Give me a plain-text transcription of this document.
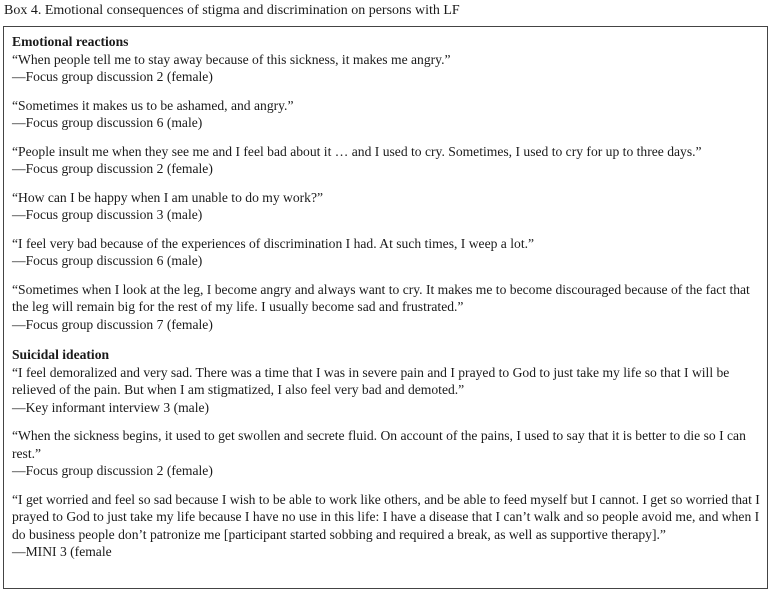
Box 4. Emotional consequences of stigma and discrimination on persons with LF
Emotional reactions
“When people tell me to stay away because of this sickness, it makes me angry.”
—Focus group discussion 2 (female)
“Sometimes it makes us to be ashamed, and angry.”
—Focus group discussion 6 (male)
“People insult me when they see me and I feel bad about it … and I used to cry. Sometimes, I used to cry for up to three days.”
—Focus group discussion 2 (female)
“How can I be happy when I am unable to do my work?”
—Focus group discussion 3 (male)
“I feel very bad because of the experiences of discrimination I had. At such times, I weep a lot.”
—Focus group discussion 6 (male)
“Sometimes when I look at the leg, I become angry and always want to cry. It makes me to become discouraged because of the fact that the leg will remain big for the rest of my life. I usually become sad and frustrated.”
—Focus group discussion 7 (female)
Suicidal ideation
“I feel demoralized and very sad. There was a time that I was in severe pain and I prayed to God to just take my life so that I will be relieved of the pain. But when I am stigmatized, I also feel very bad and demoted.”
—Key informant interview 3 (male)
“When the sickness begins, it used to get swollen and secrete fluid. On account of the pains, I used to say that it is better to die so I can rest.”
—Focus group discussion 2 (female)
“I get worried and feel so sad because I wish to be able to work like others, and be able to feed myself but I cannot. I get so worried that I prayed to God to just take my life because I have no use in this life: I have a disease that I can’t walk and so people avoid me, and when I do business people don’t patronize me [participant started sobbing and required a break, as well as supportive therapy].”
—MINI 3 (female
